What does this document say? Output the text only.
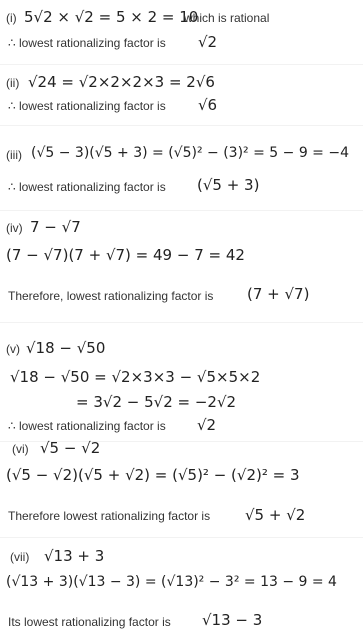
(i) 5√2 × √2 = 5 × 2 = 10
which is rational
∴ lowest rationalizing factor is √2
(ii) √24 = √2×2×2×3 = 2√6
∴ lowest rationalizing factor is √6
(iii) (√5 − 3)(√5 + 3) = (√5)² − (3)² = 5 − 9 = −4
∴ lowest rationalizing factor is (√5 + 3)
(iv) 7 − √7
(7 − √7)(7 + √7) = 49 − 7 = 42
Therefore, lowest rationalizing factor is (7 + √7)
(v) √18 − √50
√18 − √50 = √2×3×3 − √5×5×2
= 3√2 − 5√2 = −2√2
∴ lowest rationalizing factor is √2
(vi) √5 − √2
(√5 − √2)(√5 + √2) = (√5)² − (√2)² = 3
Therefore lowest rationalizing factor is √5 + √2
(vii) √13 + 3
(√13 + 3)(√13 − 3) = (√13)² − 3² = 13 − 9 = 4
Its lowest rationalizing factor is √13 − 3
